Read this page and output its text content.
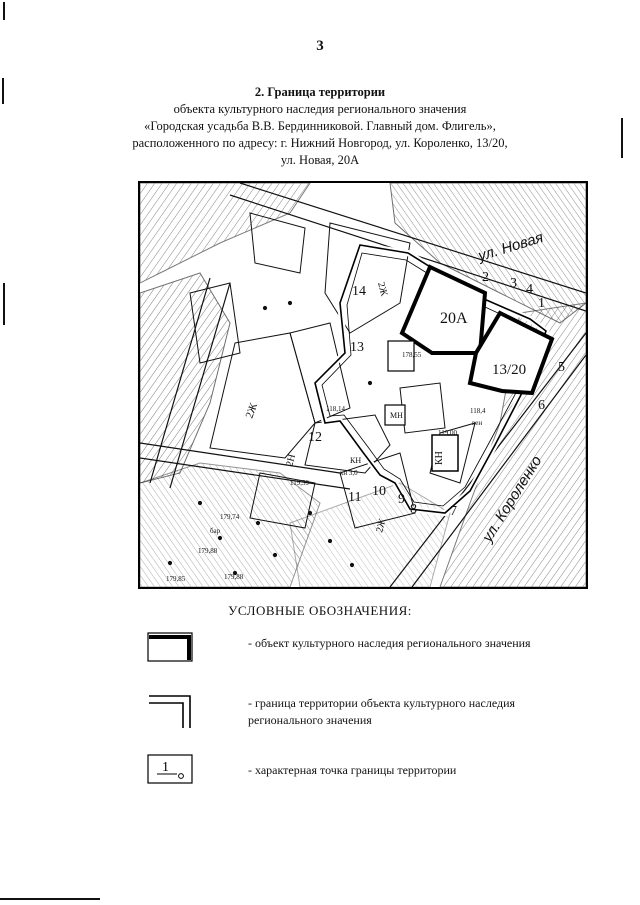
3
2. Граница территории
объекта культурного наследия регионального значения
«Городская усадьба В.В. Бердинниковой. Главный дом. Флигель»,
расположенного по адресу: г. Нижний Новгород, ул. Короленко, 13/20,
ул. Новая, 20А
ул. Новая
ул. Короленко
20А
13/20
1
2 3 4
5
6
7
8
9
10
11
12
13
14 2Ж
2Ж
2Ж
2Н	КН
МН
КН
178,55
119,00
119,39
118,4
118,14
179,74
179,88
179,85	179,88
бар
вен
кн 3,0
УСЛОВНЫЕ ОБОЗНАЧЕНИЯ:
- объект культурного наследия регионального значения
- граница территории объекта культурного наследия регионального значения
1	- характерная точка границы территории
